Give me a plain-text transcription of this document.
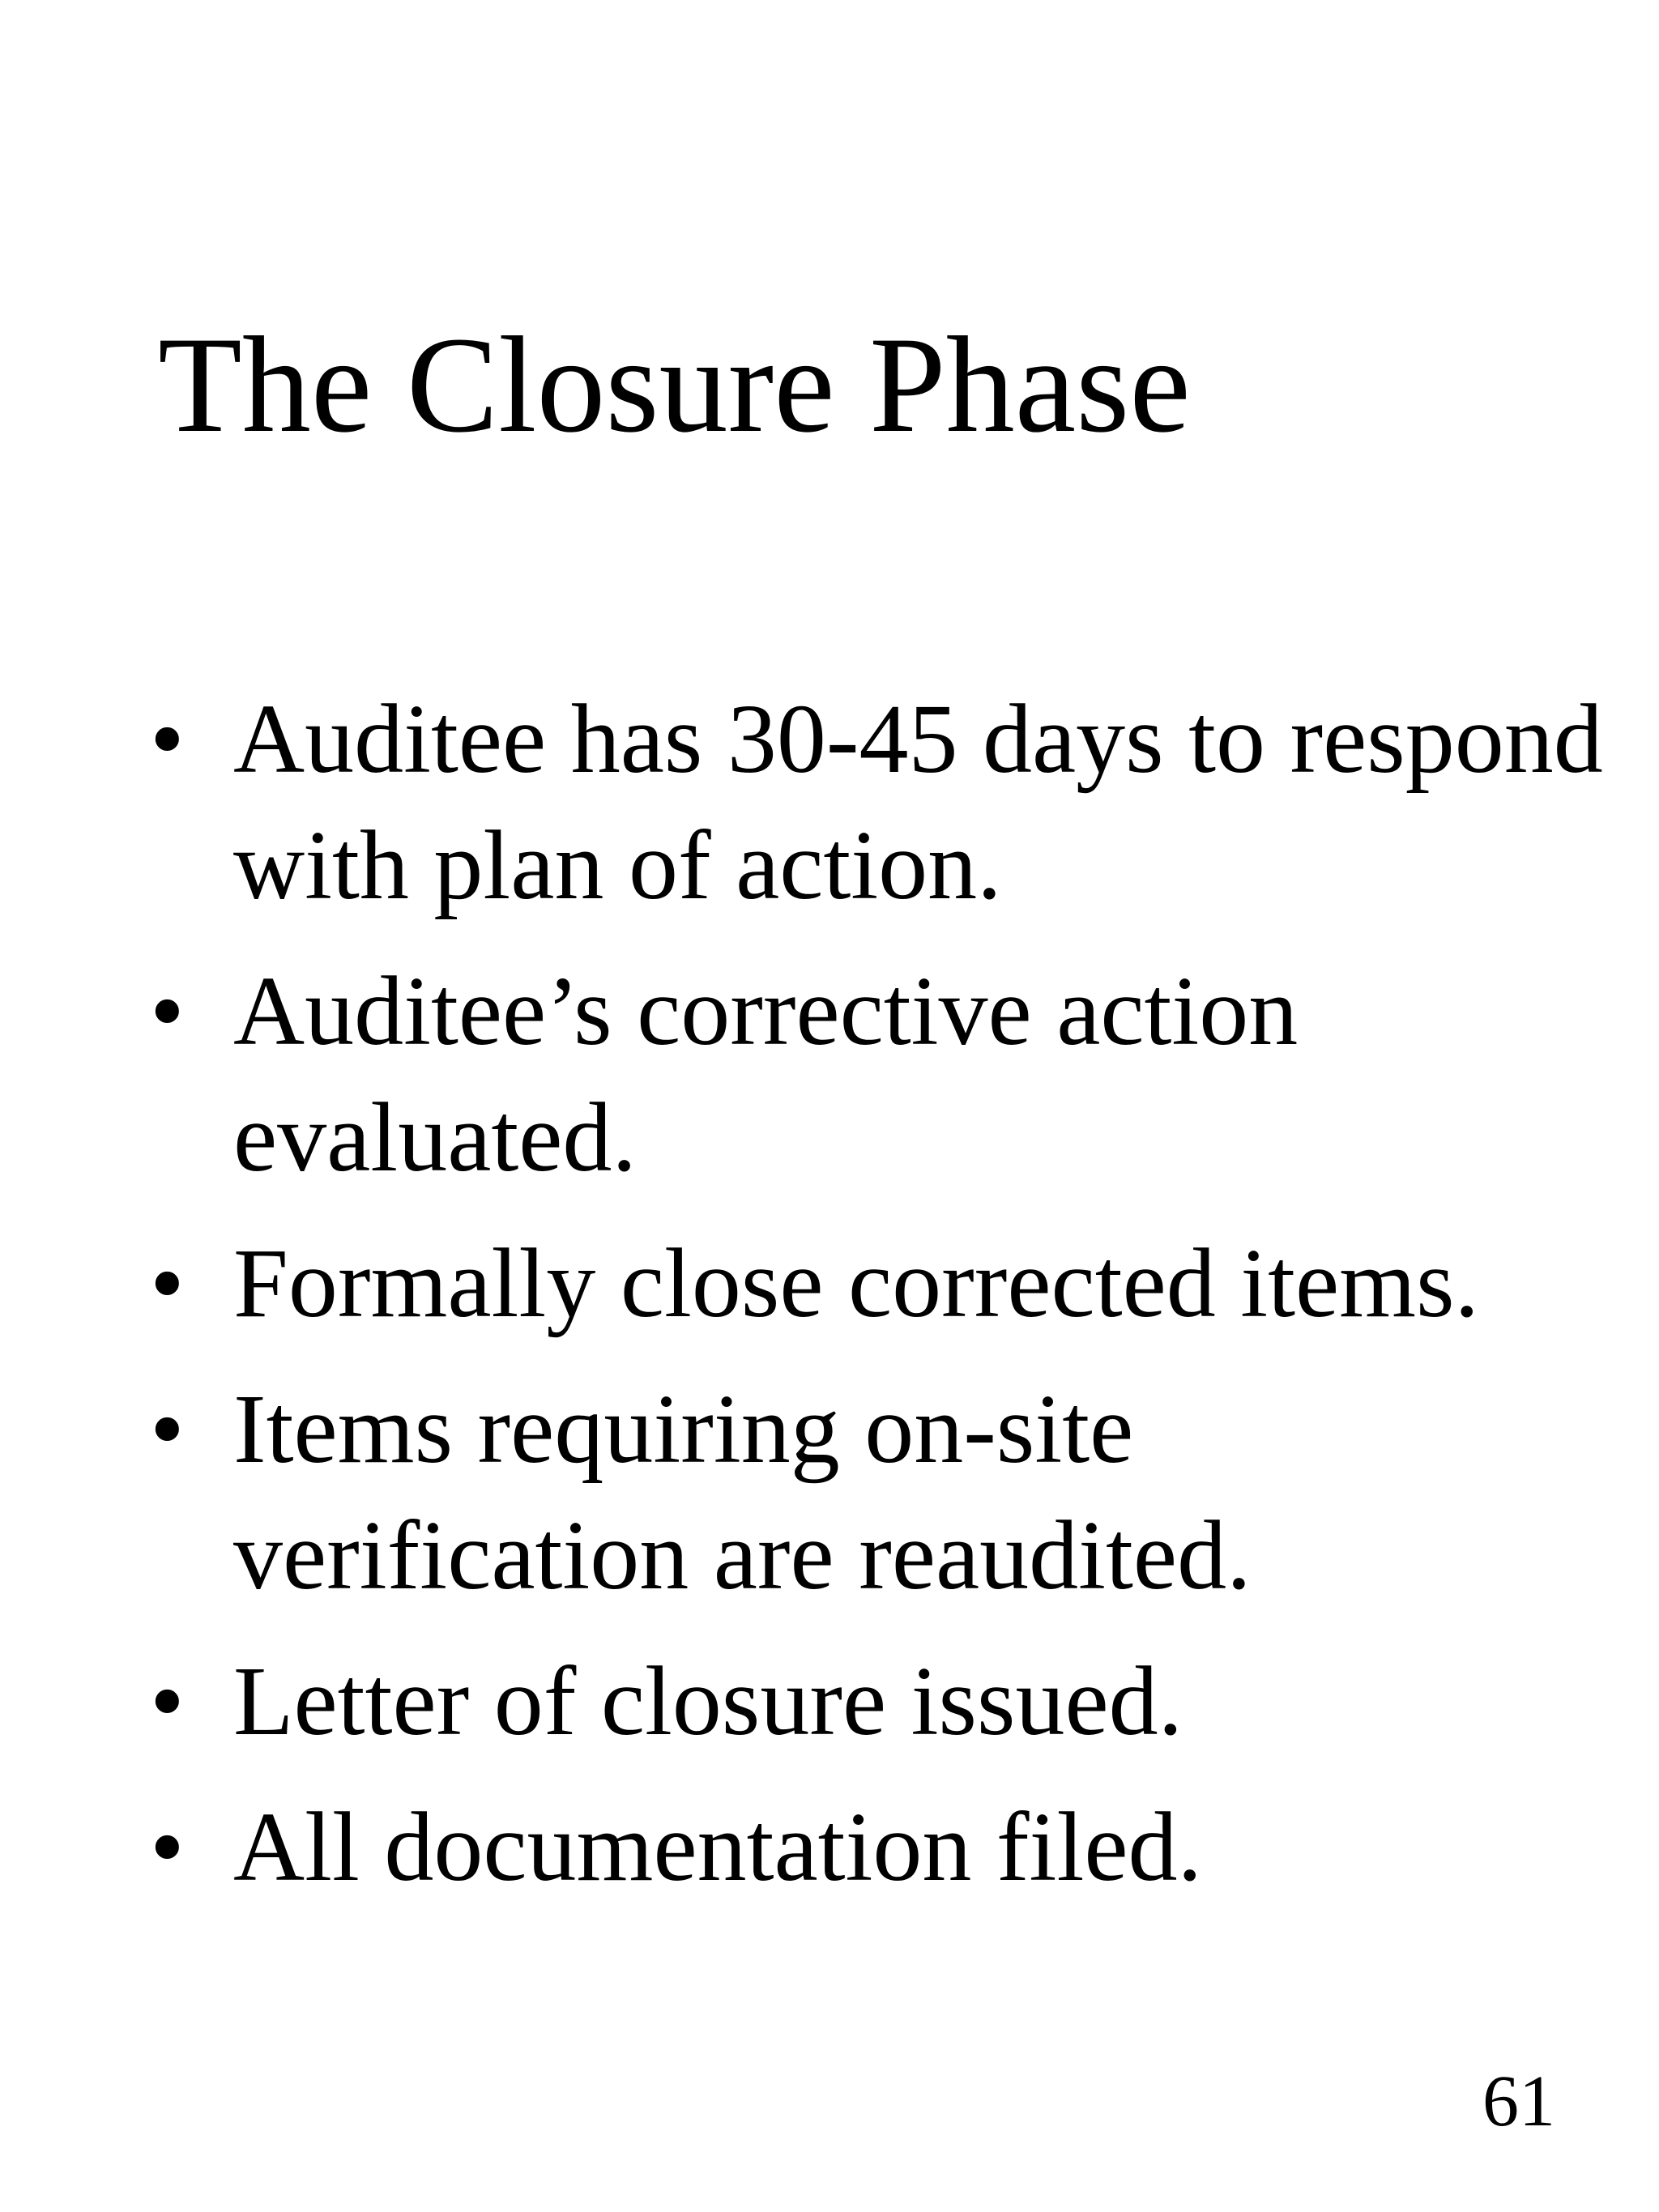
The Closure Phase
• Auditee has 30-45 days to respond with plan of action.
• Auditee’s corrective action evaluated.
• Formally close corrected items.
• Items requiring on-site verification are reaudited.
• Letter of closure issued.
• All documentation filed.
61
